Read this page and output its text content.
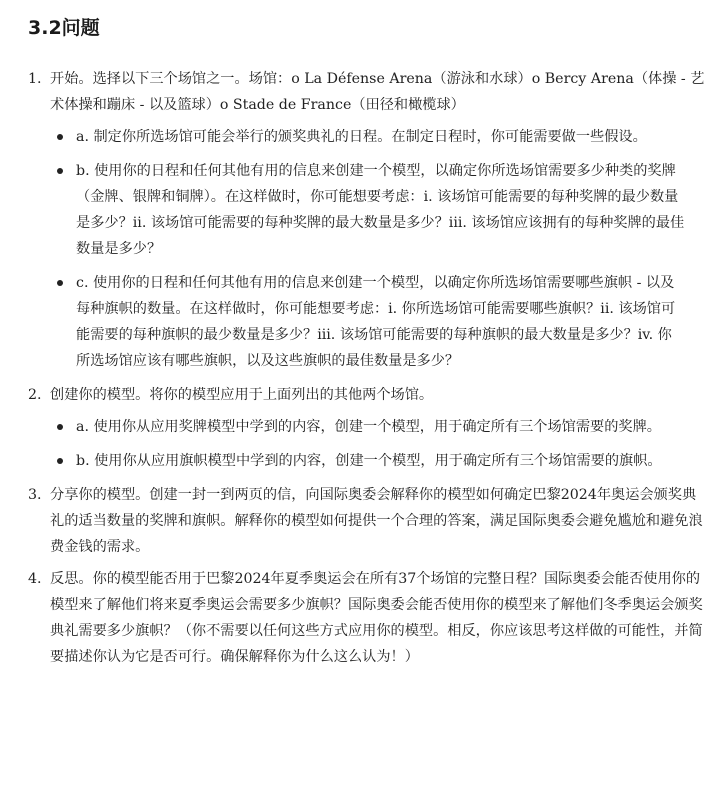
3.2问题
1. 开始。选择以下三个场馆之一。场馆：o La Défense Arena（游泳和水球）o Bercy Arena（体操 - 艺术体操和蹦床 - 以及篮球）o Stade de France（田径和橄榄球）
a. 制定你所选场馆可能会举行的颁奖典礼的日程。在制定日程时，你可能需要做一些假设。
b. 使用你的日程和任何其他有用的信息来创建一个模型，以确定你所选场馆需要多少种类的奖牌（金牌、银牌和铜牌）。在这样做时，你可能想要考虑：i. 该场馆可能需要的每种奖牌的最少数量是多少？ii. 该场馆可能需要的每种奖牌的最大数量是多少？iii. 该场馆应该拥有的每种奖牌的最佳数量是多少？
c. 使用你的日程和任何其他有用的信息来创建一个模型，以确定你所选场馆需要哪些旗帜 - 以及每种旗帜的数量。在这样做时，你可能想要考虑：i. 你所选场馆可能需要哪些旗帜？ii. 该场馆可能需要的每种旗帜的最少数量是多少？iii. 该场馆可能需要的每种旗帜的最大数量是多少？iv. 你所选场馆应该有哪些旗帜，以及这些旗帜的最佳数量是多少？
2. 创建你的模型。将你的模型应用于上面列出的其他两个场馆。
a. 使用你从应用奖牌模型中学到的内容，创建一个模型，用于确定所有三个场馆需要的奖牌。
b. 使用你从应用旗帜模型中学到的内容，创建一个模型，用于确定所有三个场馆需要的旗帜。
3. 分享你的模型。创建一封一到两页的信，向国际奥委会解释你的模型如何确定巴黎2024年奥运会颁奖典礼的适当数量的奖牌和旗帜。解释你的模型如何提供一个合理的答案，满足国际奥委会避免尴尬和避免浪费金钱的需求。
4. 反思。你的模型能否用于巴黎2024年夏季奥运会在所有37个场馆的完整日程？国际奥委会能否使用你的模型来了解他们将来夏季奥运会需要多少旗帜？国际奥委会能否使用你的模型来了解他们冬季奥运会颁奖典礼需要多少旗帜？（你不需要以任何这些方式应用你的模型。相反，你应该思考这样做的可能性，并简要描述你认为它是否可行。确保解释你为什么这么认为！）
